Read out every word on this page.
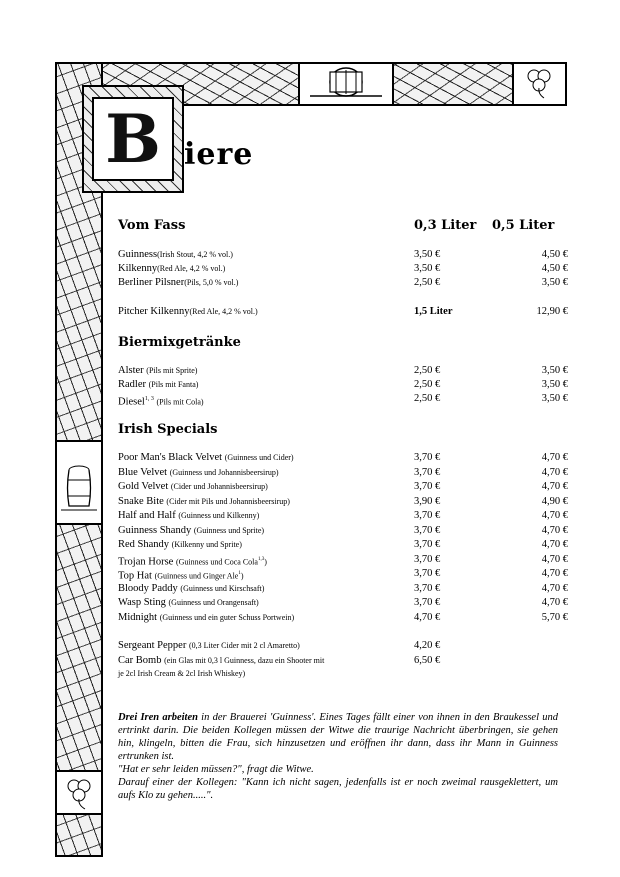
B iere
Vom Fass	0,3 Liter 0,5 Liter
Guinness(Irish Stout, 4,2 % vol.)	3,50 €	4,50 €
Kilkenny(Red Ale, 4,2 % vol.)	3,50 €	4,50 €
Berliner Pilsner(Pils, 5,0 % vol.)	2,50 €	3,50 €
Pitcher Kilkenny(Red Ale, 4,2 % vol.)	1,5 Liter	12,90 €
Biermixgetränke
Alster (Pils mit Sprite)	2,50 €	3,50 €
Radler (Pils mit Fanta)	2,50 €	3,50 €
Diesel$^{1, 3}$ (Pils mit Cola)	2,50 €	3,50 €
Irish Specials
Poor Man's Black Velvet (Guinness und Cider)	3,70 €	4,70 €
Blue Velvet (Guinness und Johannisbeersirup)	3,70 €	4,70 €
Gold Velvet (Cider und Johannisbeersirup)	3,70 €	4,70 €
Snake Bite (Cider mit Pils und Johannisbeersirup)	3,90 €	4,90 €
Half and Half (Guinness und Kilkenny)	3,70 €	4,70 €
Guinness Shandy (Guinness und Sprite)	3,70 €	4,70 €
Red Shandy (Kilkenny und Sprite)	3,70 €	4,70 €
Trojan Horse (Guinness und Coca Cola$^{1,3}$)	3,70 €	4,70 €
Top Hat (Guinness und Ginger Ale$^1$)	3,70 €	4,70 €
Bloody Paddy (Guinness und Kirschsaft)	3,70 €	4,70 €
Wasp Sting (Guinness und Orangensaft)	3,70 €	4,70 €
Midnight (Guinness und ein guter Schuss Portwein)	4,70 €	5,70 €
Sergeant Pepper (0,3 Liter Cider mit 2 cl Amaretto)	4,20 €
Car Bomb (ein Glas mit 0,3 l Guinness, dazu ein Shooter mit	6,50 €
je 2cl Irish Cream & 2cl Irish Whiskey)
Drei Iren arbeiten in der Brauerei 'Guinness'. Eines Tages fällt einer von ihnen in den Braukessel und ertrinkt darin. Die beiden Kollegen müssen der Witwe die traurige Nachricht überbringen, sie gehen hin, klingeln, bitten die Frau, sich hinzusetzen und eröffnen ihr dann, dass ihr Mann in Guinness ertrunken ist.
"Hat er sehr leiden müssen?", fragt die Witwe.
Darauf einer der Kollegen: "Kann ich nicht sagen, jedenfalls ist er noch zweimal rausgeklettert, um aufs Klo zu gehen.....".
